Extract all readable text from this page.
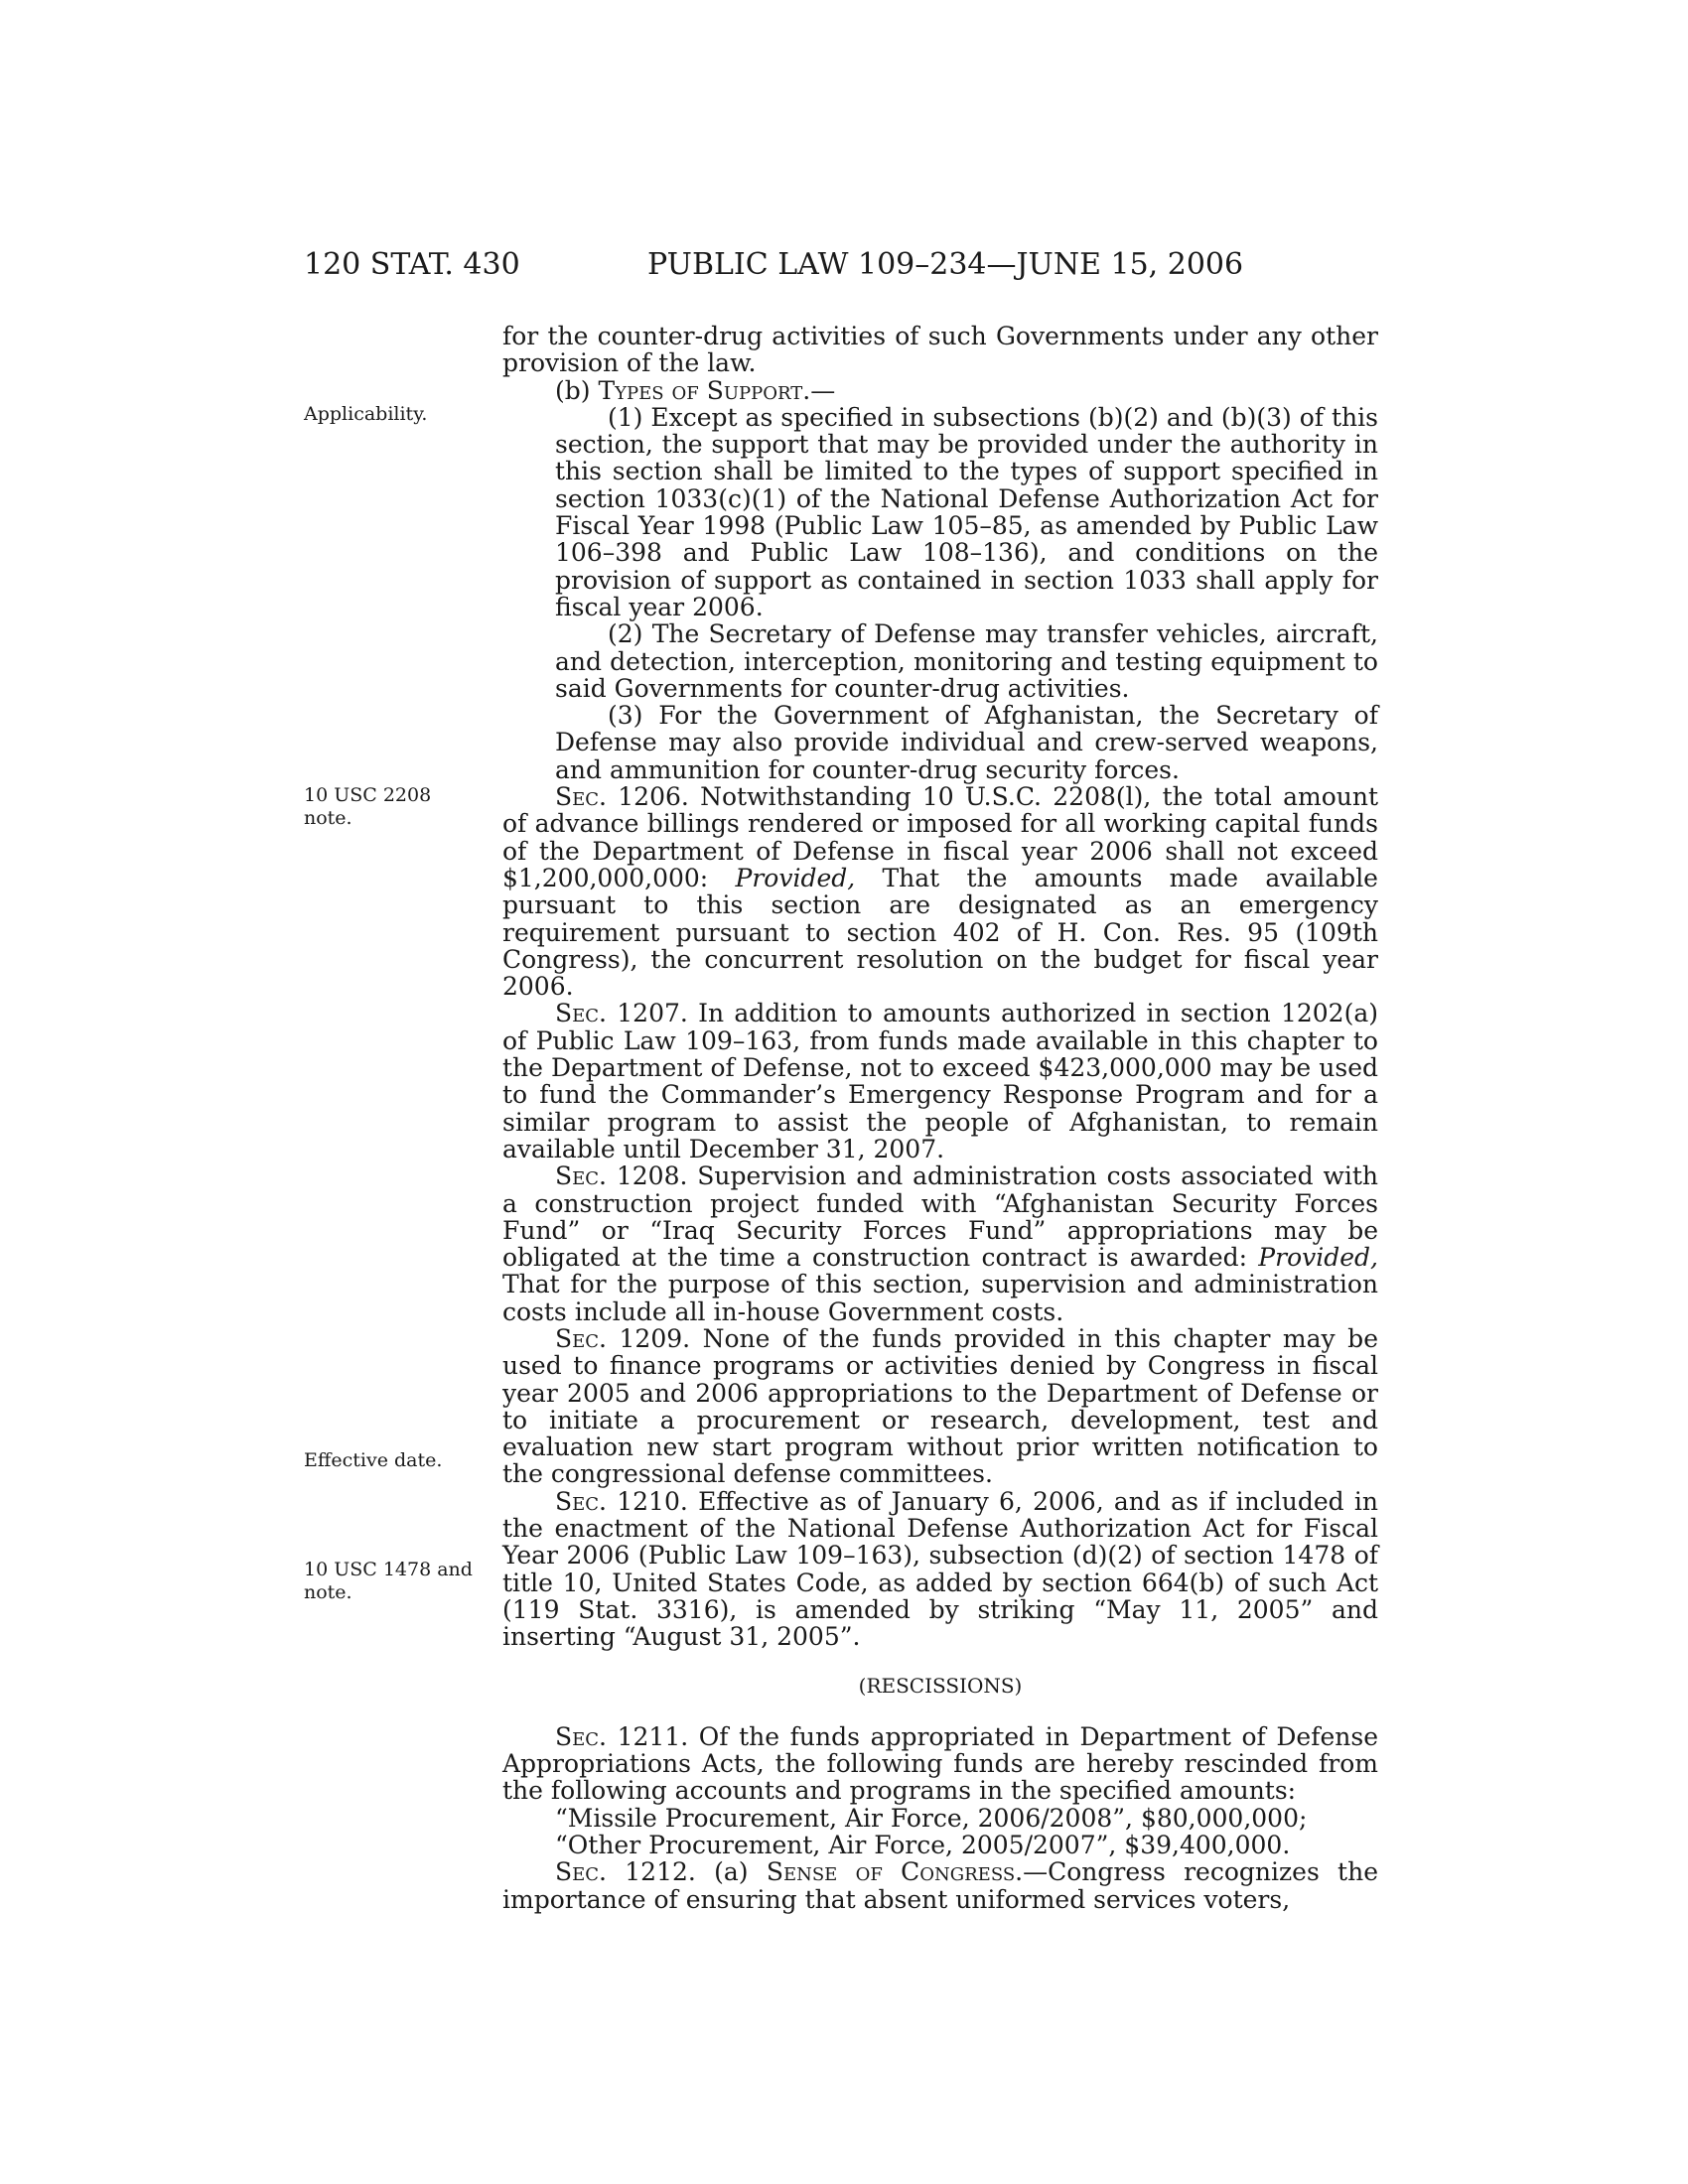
120 STAT. 430	PUBLIC LAW 109–234—JUNE 15, 2006
Applicability.
10 USC 2208
note.
Effective date.
10 USC 1478 and
note.

for the counter-drug activities of such Governments under any other provision of the law.

(b) Types of Support.—

(1) Except as specified in subsections (b)(2) and (b)(3) of this section, the support that may be provided under the authority in this section shall be limited to the types of support specified in section 1033(c)(1) of the National Defense Authorization Act for Fiscal Year 1998 (Public Law 105–85, as amended by Public Law 106–398 and Public Law 108–136), and conditions on the provision of support as contained in section 1033 shall apply for fiscal year 2006.

(2) The Secretary of Defense may transfer vehicles, aircraft, and detection, interception, monitoring and testing equipment to said Governments for counter-drug activities.

(3) For the Government of Afghanistan, the Secretary of Defense may also provide individual and crew-served weapons, and ammunition for counter-drug security forces.

Sec. 1206. Notwithstanding 10 U.S.C. 2208(l), the total amount of advance billings rendered or imposed for all working capital funds of the Department of Defense in fiscal year 2006 shall not exceed $1,200,000,000: Provided, That the amounts made available pursuant to this section are designated as an emergency requirement pursuant to section 402 of H. Con. Res. 95 (109th Congress), the concurrent resolution on the budget for fiscal year 2006.

Sec. 1207. In addition to amounts authorized in section 1202(a) of Public Law 109–163, from funds made available in this chapter to the Department of Defense, not to exceed $423,000,000 may be used to fund the Commander’s Emergency Response Program and for a similar program to assist the people of Afghanistan, to remain available until December 31, 2007.

Sec. 1208. Supervision and administration costs associated with a construction project funded with “Afghanistan Security Forces Fund” or “Iraq Security Forces Fund” appropriations may be obligated at the time a construction contract is awarded: Provided, That for the purpose of this section, supervision and administration costs include all in-house Government costs.

Sec. 1209. None of the funds provided in this chapter may be used to finance programs or activities denied by Congress in fiscal year 2005 and 2006 appropriations to the Department of Defense or to initiate a procurement or research, development, test and evaluation new start program without prior written notification to the congressional defense committees.

Sec. 1210. Effective as of January 6, 2006, and as if included in the enactment of the National Defense Authorization Act for Fiscal Year 2006 (Public Law 109–163), subsection (d)(2) of section 1478 of title 10, United States Code, as added by section 664(b) of such Act (119 Stat. 3316), is amended by striking “May 11, 2005” and inserting “August 31, 2005”.

(RESCISSIONS)

Sec. 1211. Of the funds appropriated in Department of Defense Appropriations Acts, the following funds are hereby rescinded from the following accounts and programs in the specified amounts:

“Missile Procurement, Air Force, 2006/2008”, $80,000,000;

“Other Procurement, Air Force, 2005/2007”, $39,400,000.

Sec. 1212. (a) Sense of Congress.—Congress recognizes the importance of ensuring that absent uniformed services voters,
